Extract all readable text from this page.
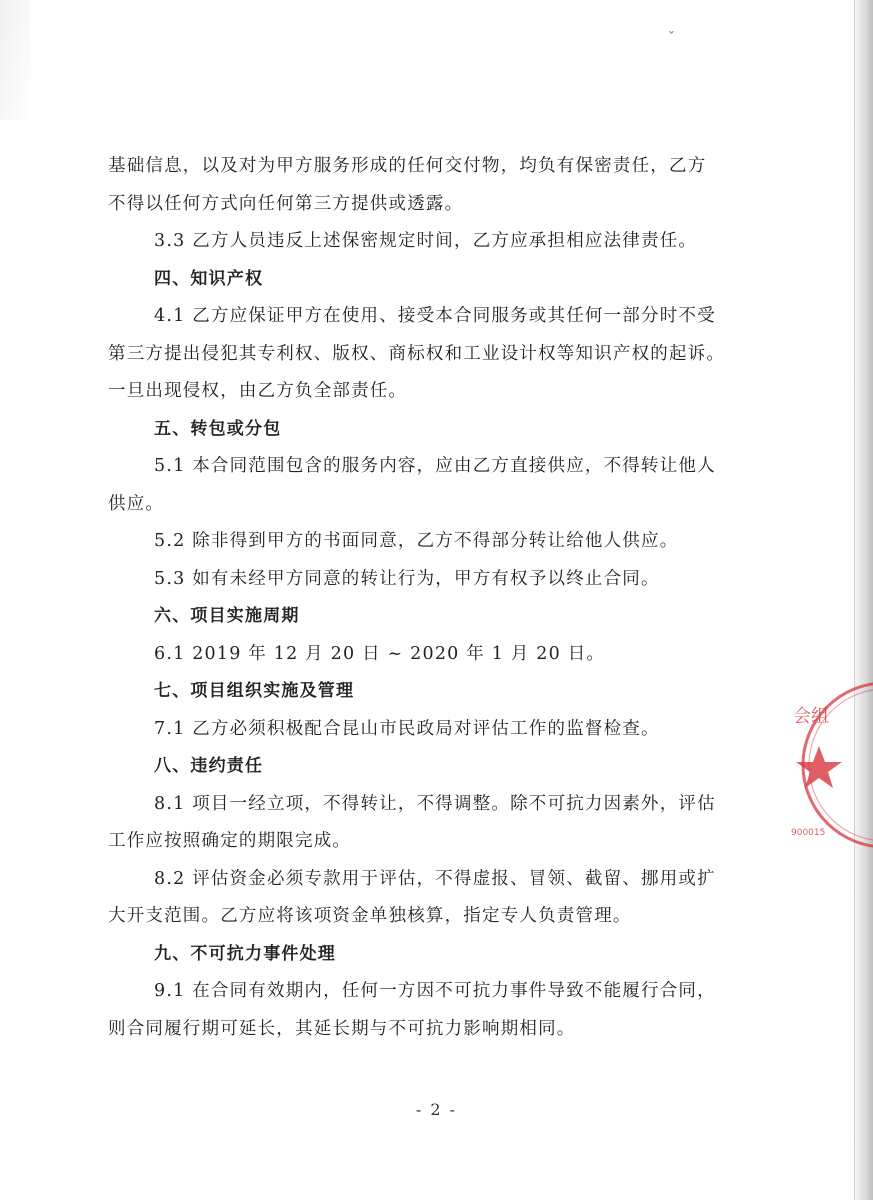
ˇ
基础信息，以及对为甲方服务形成的任何交付物，均负有保密责任，乙方
不得以任何方式向任何第三方提供或透露。
3.3 乙方人员违反上述保密规定时间，乙方应承担相应法律责任。
四、知识产权
4.1 乙方应保证甲方在使用、接受本合同服务或其任何一部分时不受
第三方提出侵犯其专利权、版权、商标权和工业设计权等知识产权的起诉。
一旦出现侵权，由乙方负全部责任。
五、转包或分包
5.1 本合同范围包含的服务内容，应由乙方直接供应，不得转让他人
供应。
5.2 除非得到甲方的书面同意，乙方不得部分转让给他人供应。
5.3 如有未经甲方同意的转让行为，甲方有权予以终止合同。
六、项目实施周期
6.1 2019 年 12 月 20 日 ~ 2020 年 1 月 20 日。
七、项目组织实施及管理
7.1 乙方必须积极配合昆山市民政局对评估工作的监督检查。
八、违约责任
8.1 项目一经立项，不得转让，不得调整。除不可抗力因素外，评估
工作应按照确定的期限完成。
8.2 评估资金必须专款用于评估，不得虚报、冒领、截留、挪用或扩
大开支范围。乙方应将该项资金单独核算，指定专人负责管理。
九、不可抗力事件处理
9.1 在合同有效期内，任何一方因不可抗力事件导致不能履行合同，
则合同履行期可延长，其延长期与不可抗力影响期相同。
会组
900015
- 2 -
